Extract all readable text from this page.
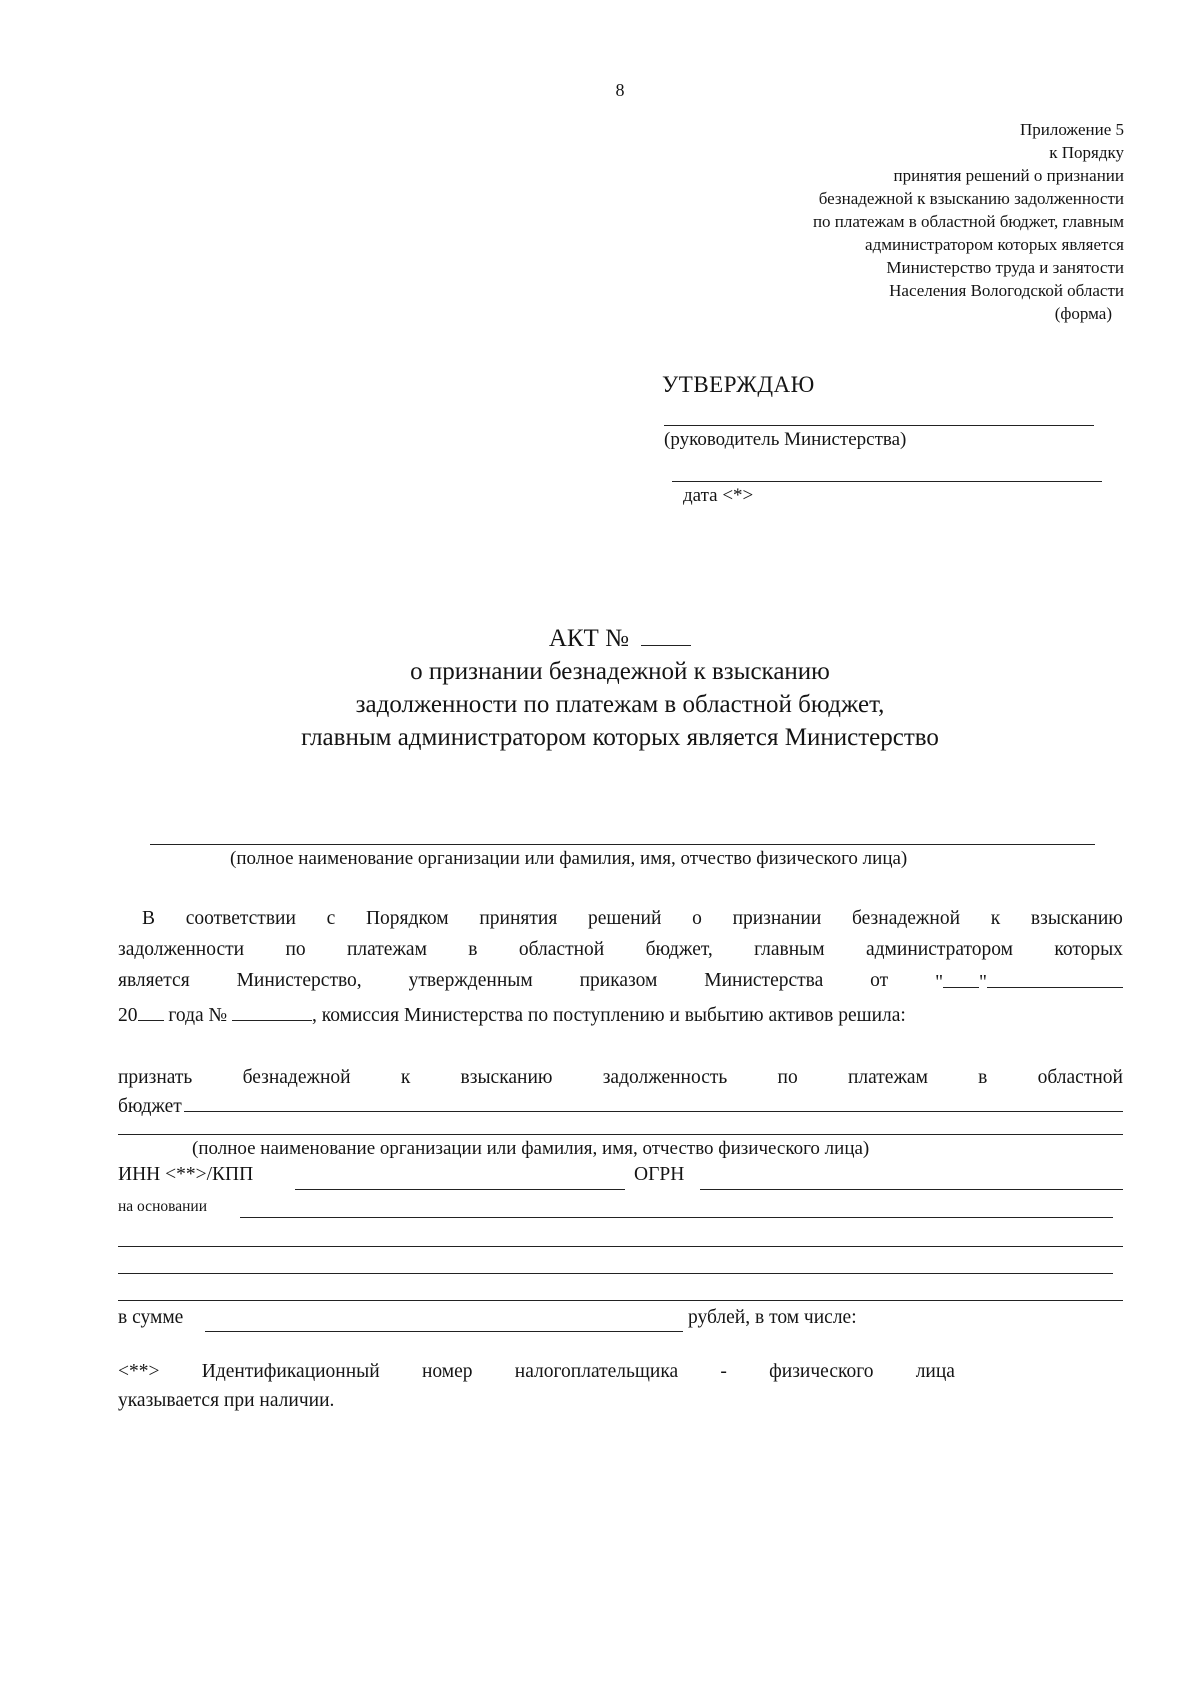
8
Приложение 5
к Порядку
принятия решений о признании
безнадежной к взысканию задолженности
по платежам в областной бюджет, главным
администратором которых является
Министерство труда и занятости
Населения Вологодской области
(форма)
УТВЕРЖДАЮ
(руководитель Министерства)
дата <*>
АКТ №
о признании безнадежной к взысканию
задолженности по платежам в областной бюджет,
главным администратором которых является Министерство
(полное наименование организации или фамилия, имя, отчество физического лица)
В соответствии с Порядком принятия решений о признании безнадежной к взысканию
задолженности по платежам в областной бюджет, главным администратором которых
является Министерство, утвержденным приказом Министерства от " "
20 года №	, комиссия Министерства по поступлению и выбытию активов решила:
признать	безнадежной	к	взысканию	задолженность	по	платежам	в	областной
бюджет
(полное наименование организации или фамилия, имя, отчество физического лица)
ИНН <**>/КПП	ОГРН
на основании
в сумме	рублей, в том числе:
<**> Идентификационный номер налогоплательщика - физического лица
указывается при наличии.
